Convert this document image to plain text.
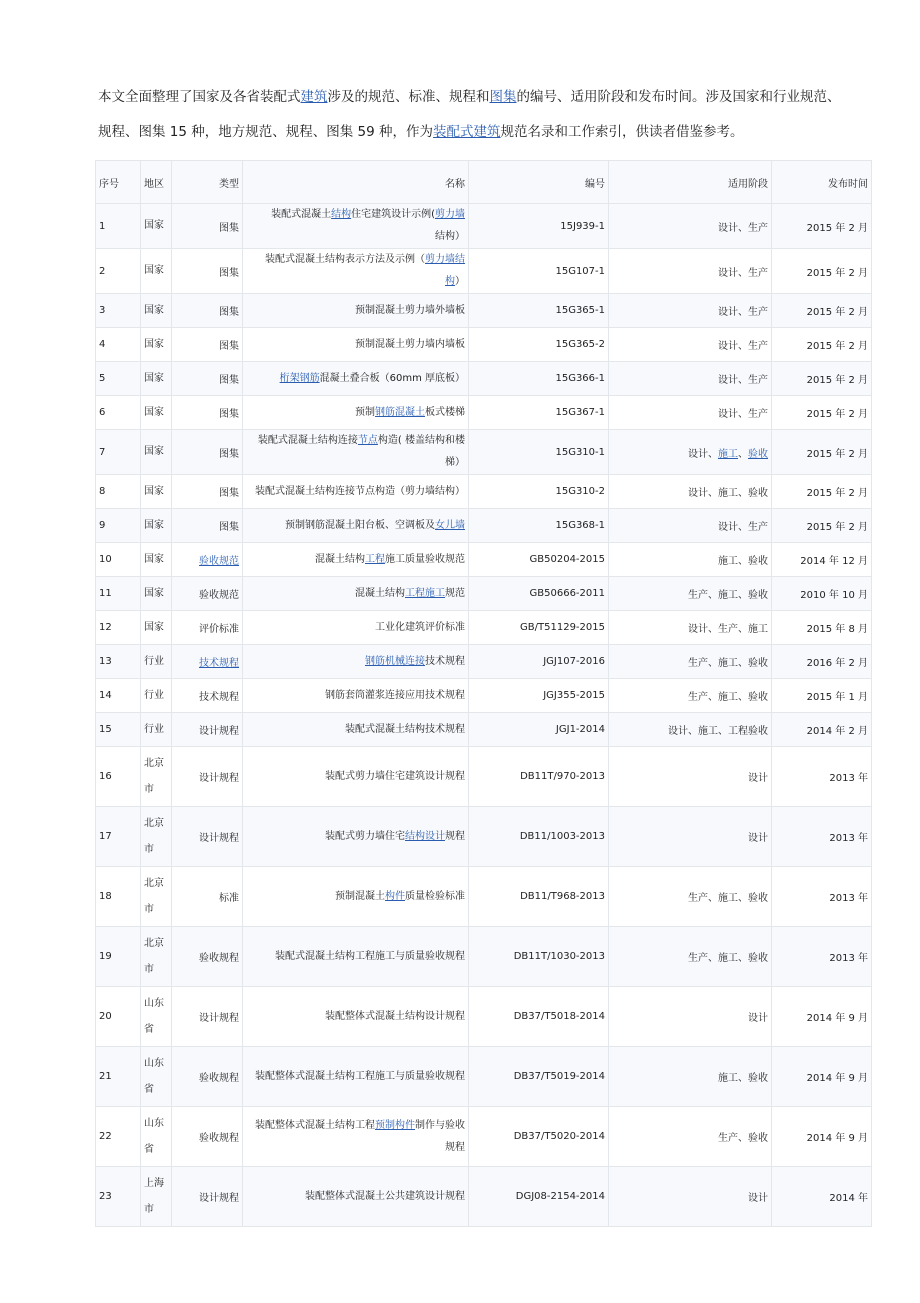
本文全面整理了国家及各省装配式建筑涉及的规范、标准、规程和图集的编号、适用阶段和发布时间。涉及国家和行业规范、

规程、图集 15 种，地方规范、规程、图集 59 种，作为装配式建筑规范名录和工作索引，供读者借鉴参考。

序号	地区	类型	名称	编号	适用阶段	发布时间
1	国家	图集	装配式混凝土结构住宅建筑设计示例(剪力墙结构）	15J939-1	设计、生产	2015 年 2 月
2	国家	图集	装配式混凝土结构表示方法及示例（剪力墙结构）	15G107-1	设计、生产	2015 年 2 月
3	国家	图集	预制混凝土剪力墙外墙板	15G365-1	设计、生产	2015 年 2 月
4	国家	图集	预制混凝土剪力墙内墙板	15G365-2	设计、生产	2015 年 2 月
5	国家	图集	桁架钢筋混凝土叠合板（60mm 厚底板）	15G366-1	设计、生产	2015 年 2 月
6	国家	图集	预制钢筋混凝土板式楼梯	15G367-1	设计、生产	2015 年 2 月
7	国家	图集	装配式混凝土结构连接节点构造( 楼盖结构和楼梯）	15G310-1	设计、施工、验收	2015 年 2 月
8	国家	图集	装配式混凝土结构连接节点构造（剪力墙结构）	15G310-2	设计、施工、验收	2015 年 2 月
9	国家	图集	预制钢筋混凝土阳台板、空调板及女儿墙	15G368-1	设计、生产	2015 年 2 月
10	国家	验收规范	混凝土结构工程施工质量验收规范	GB50204-2015	施工、验收	2014 年 12 月
11	国家	验收规范	混凝土结构工程施工规范	GB50666-2011	生产、施工、验收	2010 年 10 月
12	国家	评价标准	工业化建筑评价标准	GB/T51129-2015	设计、生产、施工	2015 年 8 月
13	行业	技术规程	钢筋机械连接技术规程	JGJ107-2016	生产、施工、验收	2016 年 2 月
14	行业	技术规程	钢筋套筒灌浆连接应用技术规程	JGJ355-2015	生产、施工、验收	2015 年 1 月
15	行业	设计规程	装配式混凝土结构技术规程	JGJ1-2014	设计、施工、工程验收	2014 年 2 月
16	北京市	设计规程	装配式剪力墙住宅建筑设计规程	DB11T/970-2013	设计	2013 年
17	北京市	设计规程	装配式剪力墙住宅结构设计规程	DB11/1003-2013	设计	2013 年
18	北京市	标准	预制混凝土构件质量检验标准	DB11/T968-2013	生产、施工、验收	2013 年
19	北京市	验收规程	装配式混凝土结构工程施工与质量验收规程	DB11T/1030-2013	生产、施工、验收	2013 年
20	山东省	设计规程	装配整体式混凝土结构设计规程	DB37/T5018-2014	设计	2014 年 9 月
21	山东省	验收规程	装配整体式混凝土结构工程施工与质量验收规程	DB37/T5019-2014	施工、验收	2014 年 9 月
22	山东省	验收规程	装配整体式混凝土结构工程预制构件制作与验收规程	DB37/T5020-2014	生产、验收	2014 年 9 月
23	上海市	设计规程	装配整体式混凝土公共建筑设计规程	DGJ08-2154-2014	设计	2014 年
